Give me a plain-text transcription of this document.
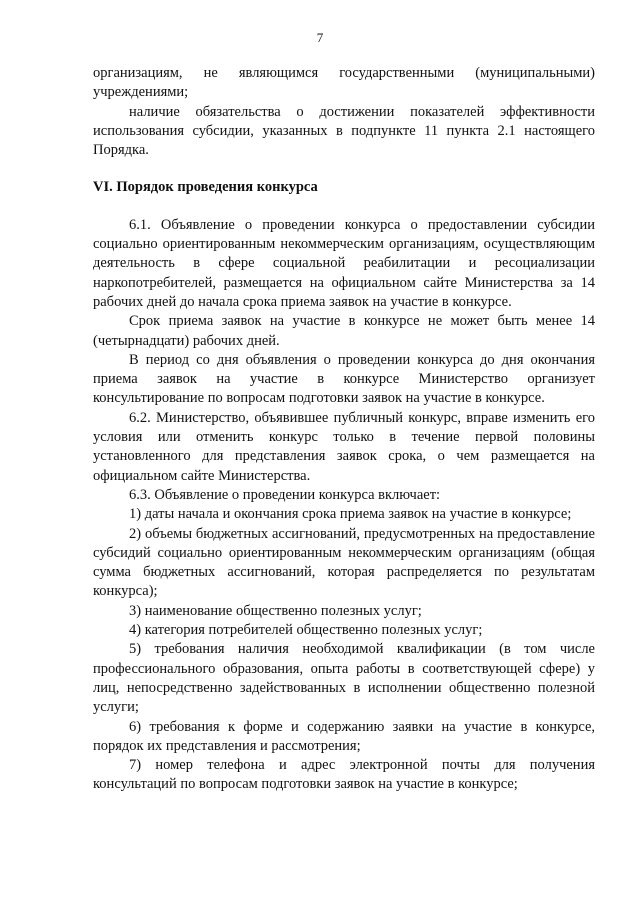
7

организациям, не являющимся государственными (муниципальными) учреждениями;

наличие обязательства о достижении показателей эффективности использования субсидии, указанных в подпункте 11 пункта 2.1 настоящего Порядка.

VI. Порядок проведения конкурса

6.1. Объявление о проведении конкурса о предоставлении субсидии социально ориентированным некоммерческим организациям, осуществляющим деятельность в сфере социальной реабилитации и ресоциализации наркопотребителей, размещается на официальном сайте Министерства за 14 рабочих дней до начала срока приема заявок на участие в конкурсе.

Срок приема заявок на участие в конкурсе не может быть менее 14 (четырнадцати) рабочих дней.

В период со дня объявления о проведении конкурса до дня окончания приема заявок на участие в конкурсе Министерство организует консультирование по вопросам подготовки заявок на участие в конкурсе.

6.2. Министерство, объявившее публичный конкурс, вправе изменить его условия или отменить конкурс только в течение первой половины установленного для представления заявок срока, о чем размещается на официальном сайте Министерства.

6.3. Объявление о проведении конкурса включает:

1) даты начала и окончания срока приема заявок на участие в конкурсе;

2) объемы бюджетных ассигнований, предусмотренных на предоставление субсидий социально ориентированным некоммерческим организациям (общая сумма бюджетных ассигнований, которая распределяется по результатам конкурса);

3) наименование общественно полезных услуг;

4) категория потребителей общественно полезных услуг;

5) требования наличия необходимой квалификации (в том числе профессионального образования, опыта работы в соответствующей сфере) у лиц, непосредственно задействованных в исполнении общественно полезной услуги;

6) требования к форме и содержанию заявки на участие в конкурсе, порядок их представления и рассмотрения;

7) номер телефона и адрес электронной почты для получения консультаций по вопросам подготовки заявок на участие в конкурсе;
